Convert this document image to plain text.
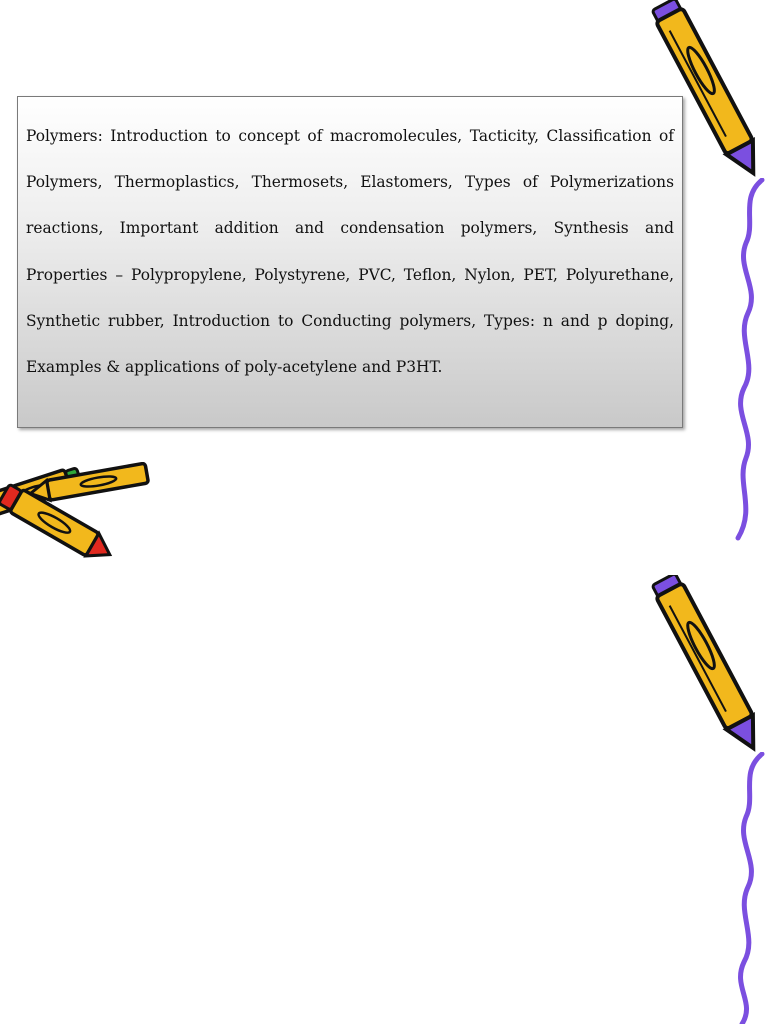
Polymers: Introduction to concept of macromolecules, Tacticity, Classification of Polymers, Thermoplastics, Thermosets, Elastomers, Types of Polymerizations reactions, Important addition and condensation polymers, Synthesis and Properties – Polypropylene, Polystyrene, PVC, Teflon, Nylon, PET, Polyurethane, Synthetic rubber, Introduction to Conducting polymers, Types: n and p doping, Examples & applications of poly-acetylene and P3HT.
